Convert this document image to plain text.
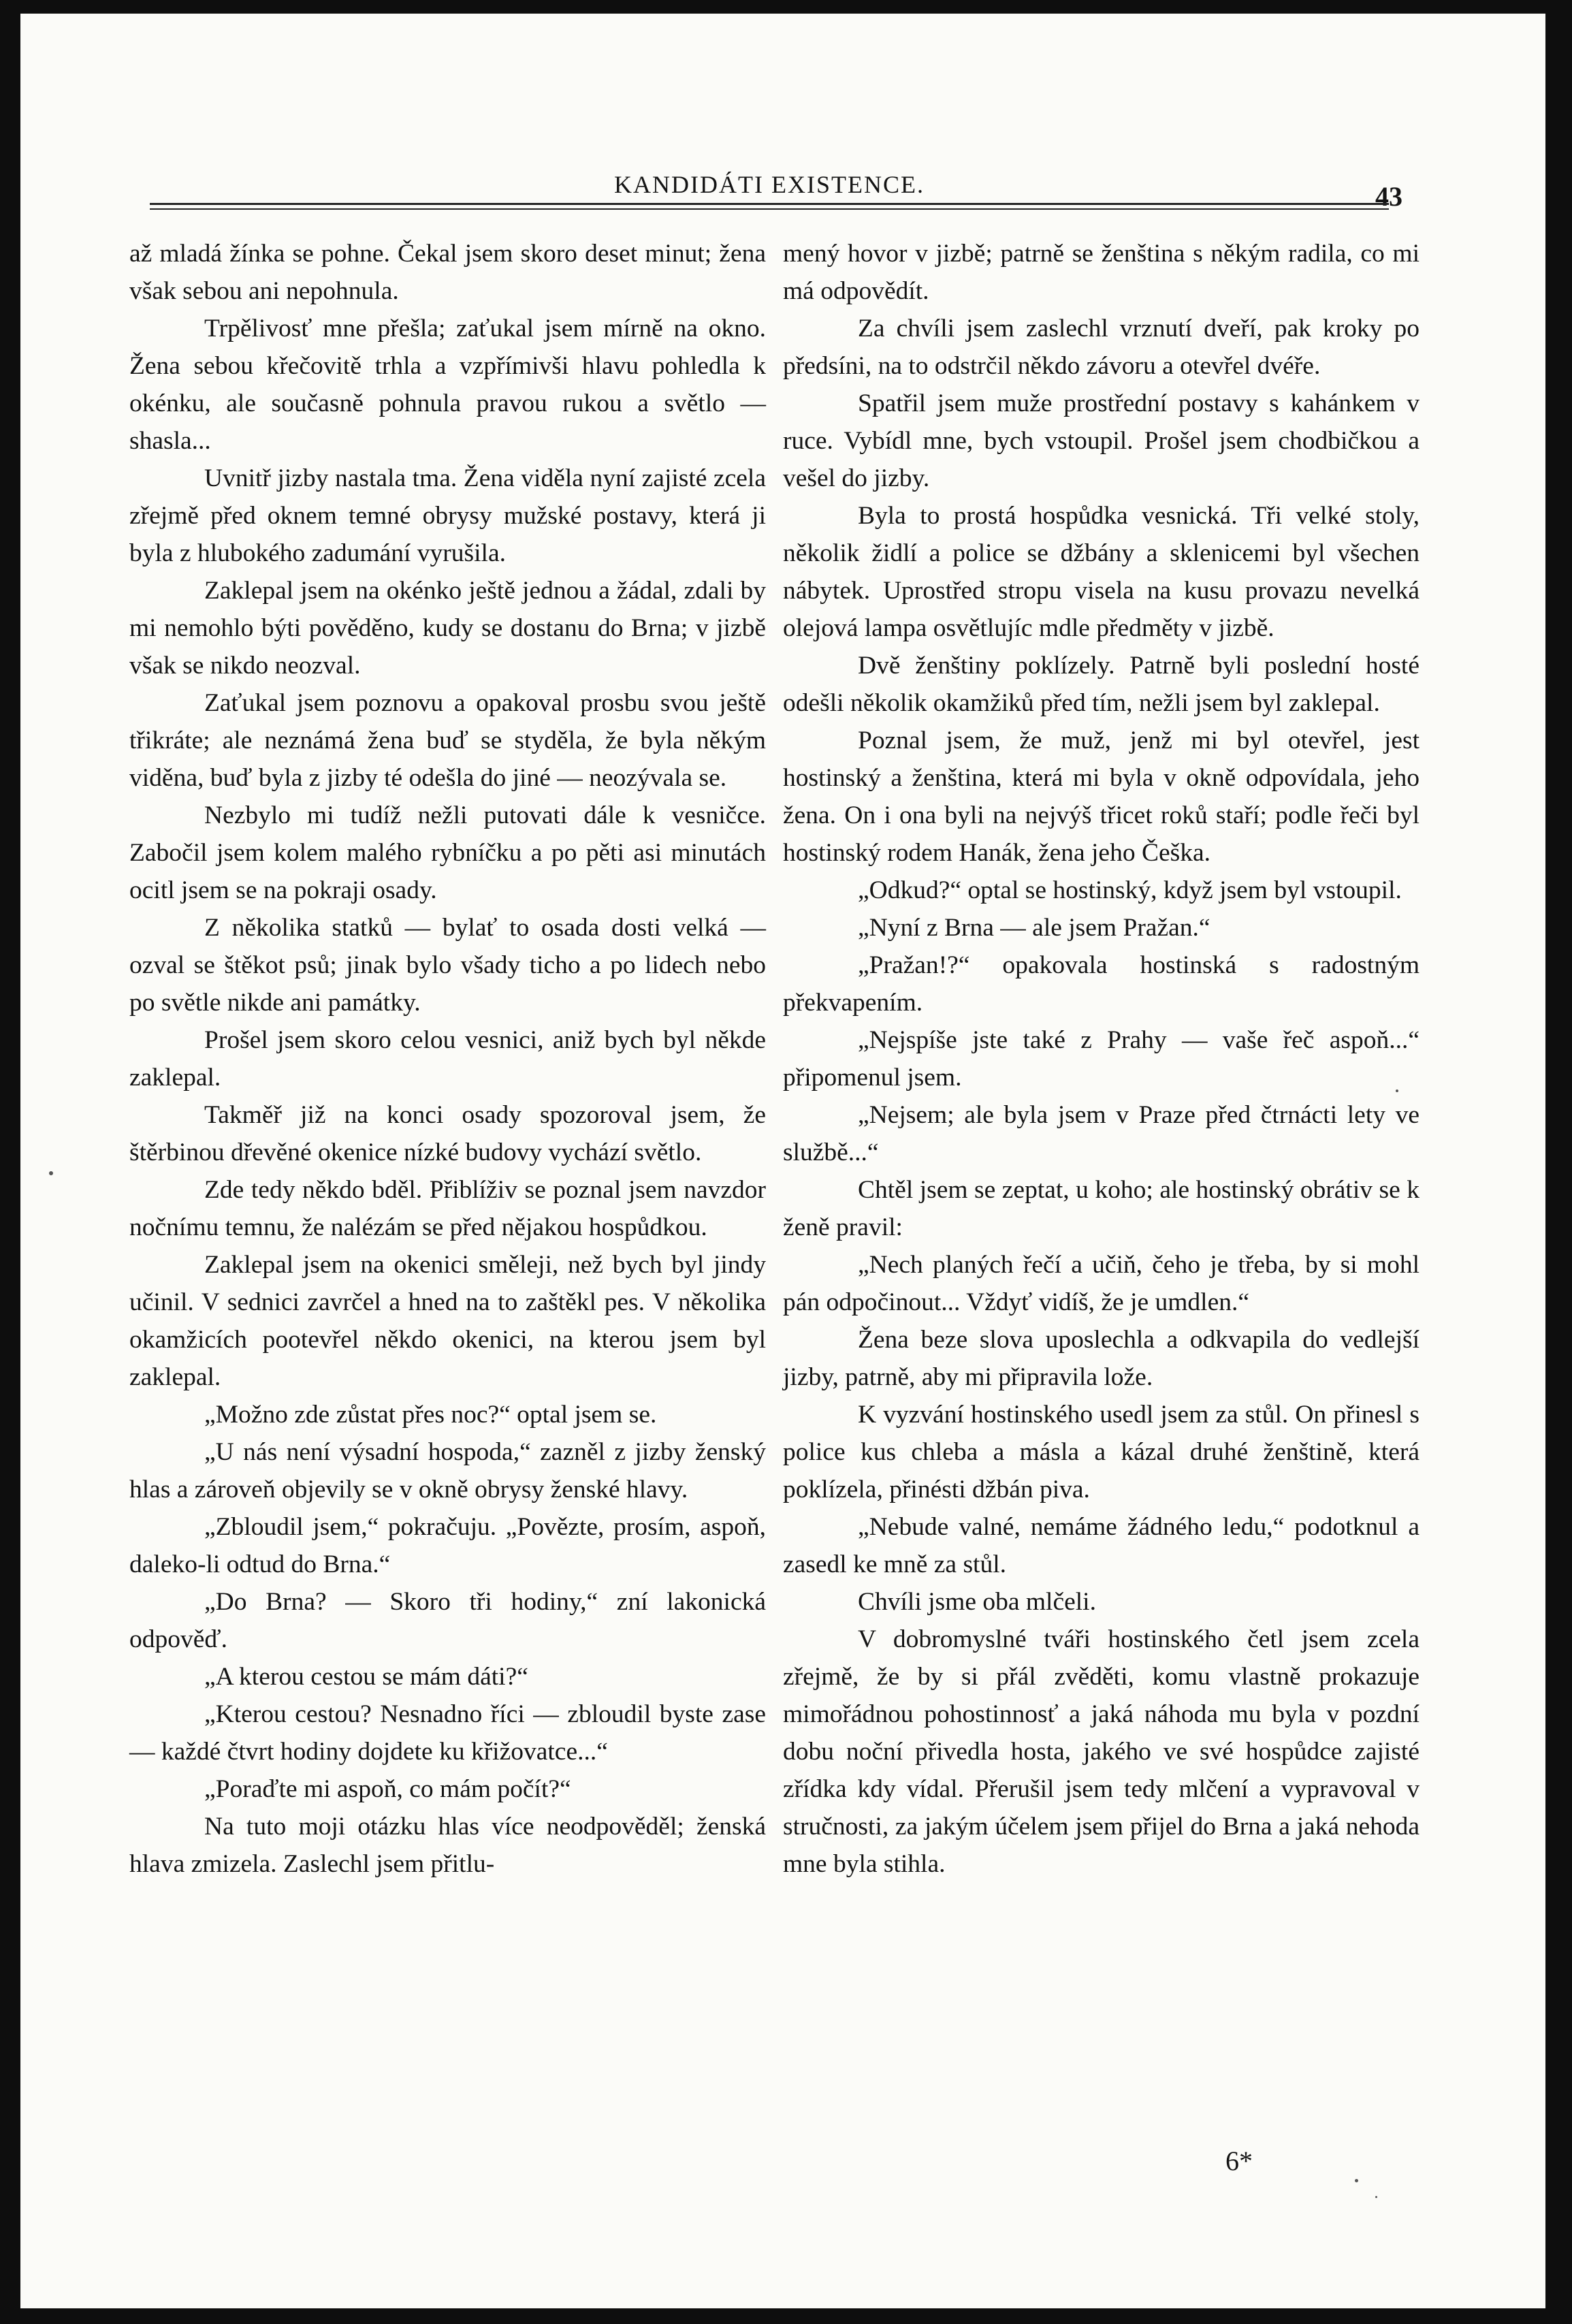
KANDIDÁTI EXISTENCE.	43

až mladá žínka se pohne. Čekal jsem skoro deset minut; žena však sebou ani nepohnula.

Trpělivosť mne přešla; zaťukal jsem mírně na okno. Žena sebou křečovitě trhla a vzpřímivši hlavu pohledla k okénku, ale současně pohnula pravou rukou a světlo — shasla...

Uvnitř jizby nastala tma. Žena viděla nyní zajisté zcela zřejmě před oknem temné obrysy mužské postavy, která ji byla z hlubokého zadumání vyrušila.

Zaklepal jsem na okénko ještě jednou a žádal, zdali by mi nemohlo býti pověděno, kudy se dostanu do Brna; v jizbě však se nikdo neozval.

Zaťukal jsem poznovu a opakoval prosbu svou ještě třikráte; ale neznámá žena buď se styděla, že byla někým viděna, buď byla z jizby té odešla do jiné — neozývala se.

Nezbylo mi tudíž nežli putovati dále k vesničce. Zabočil jsem kolem malého rybníčku a po pěti asi minutách ocitl jsem se na pokraji osady.

Z několika statků — bylať to osada dosti velká — ozval se štěkot psů; jinak bylo všady ticho a po lidech nebo po světle nikde ani památky.

Prošel jsem skoro celou vesnici, aniž bych byl někde zaklepal.

Takměř již na konci osady spozoroval jsem, že štěrbinou dřevěné okenice nízké budovy vychází světlo.

Zde tedy někdo bděl. Přiblíživ se poznal jsem navzdor nočnímu temnu, že nalézám se před nějakou hospůdkou.

Zaklepal jsem na okenici směleji, než bych byl jindy učinil. V sednici zavrčel a hned na to zaštěkl pes. V několika okamžicích pootevřel někdo okenici, na kterou jsem byl zaklepal.

„Možno zde zůstat přes noc?“ optal jsem se.

„U nás není výsadní hospoda,“ zazněl z jizby ženský hlas a zároveň objevily se v okně obrysy ženské hlavy.

„Zbloudil jsem,“ pokračuju. „Povězte, prosím, aspoň, daleko-li odtud do Brna.“

„Do Brna? — Skoro tři hodiny,“ zní lakonická odpověď.

„A kterou cestou se mám dáti?“

„Kterou cestou? Nesnadno říci — zbloudil byste zase — každé čtvrt hodiny dojdete ku křižovatce...“

„Poraďte mi aspoň, co mám počít?“

Na tuto moji otázku hlas více neodpověděl; ženská hlava zmizela. Zaslechl jsem přitlu-

mený hovor v jizbě; patrně se ženština s někým radila, co mi má odpovědít.

Za chvíli jsem zaslechl vrznutí dveří, pak kroky po předsíni, na to odstrčil někdo závoru a otevřel dvéře.

Spatřil jsem muže prostřední postavy s kahánkem v ruce. Vybídl mne, bych vstoupil. Prošel jsem chodbičkou a vešel do jizby.

Byla to prostá hospůdka vesnická. Tři velké stoly, několik židlí a police se džbány a sklenicemi byl všechen nábytek. Uprostřed stropu visela na kusu provazu nevelká olejová lampa osvětlujíc mdle předměty v jizbě.

Dvě ženštiny poklízely. Patrně byli poslední hosté odešli několik okamžiků před tím, nežli jsem byl zaklepal.

Poznal jsem, že muž, jenž mi byl otevřel, jest hostinský a ženština, která mi byla v okně odpovídala, jeho žena. On i ona byli na nejvýš třicet roků staří; podle řeči byl hostinský rodem Hanák, žena jeho Češka.

„Odkud?“ optal se hostinský, když jsem byl vstoupil.

„Nyní z Brna — ale jsem Pražan.“

„Pražan!?“ opakovala hostinská s radostným překvapením.

„Nejspíše jste také z Prahy — vaše řeč aspoň...“ připomenul jsem.

„Nejsem; ale byla jsem v Praze před čtrnácti lety ve službě...“

Chtěl jsem se zeptat, u koho; ale hostinský obrátiv se k ženě pravil:

„Nech planých řečí a učiň, čeho je třeba, by si mohl pán odpočinout... Vždyť vidíš, že je umdlen.“

Žena beze slova uposlechla a odkvapila do vedlejší jizby, patrně, aby mi připravila lože.

K vyzvání hostinského usedl jsem za stůl. On přinesl s police kus chleba a másla a kázal druhé ženštině, která poklízela, přinésti džbán piva.

„Nebude valné, nemáme žádného ledu,“ podotknul a zasedl ke mně za stůl.

Chvíli jsme oba mlčeli.

V dobromyslné tváři hostinského četl jsem zcela zřejmě, že by si přál zvěděti, komu vlastně prokazuje mimořádnou pohostinnosť a jaká náhoda mu byla v pozdní dobu noční přivedla hosta, jakého ve své hospůdce zajisté zřídka kdy vídal. Přerušil jsem tedy mlčení a vypravoval v stručnosti, za jakým účelem jsem přijel do Brna a jaká nehoda mne byla stihla.

6*
